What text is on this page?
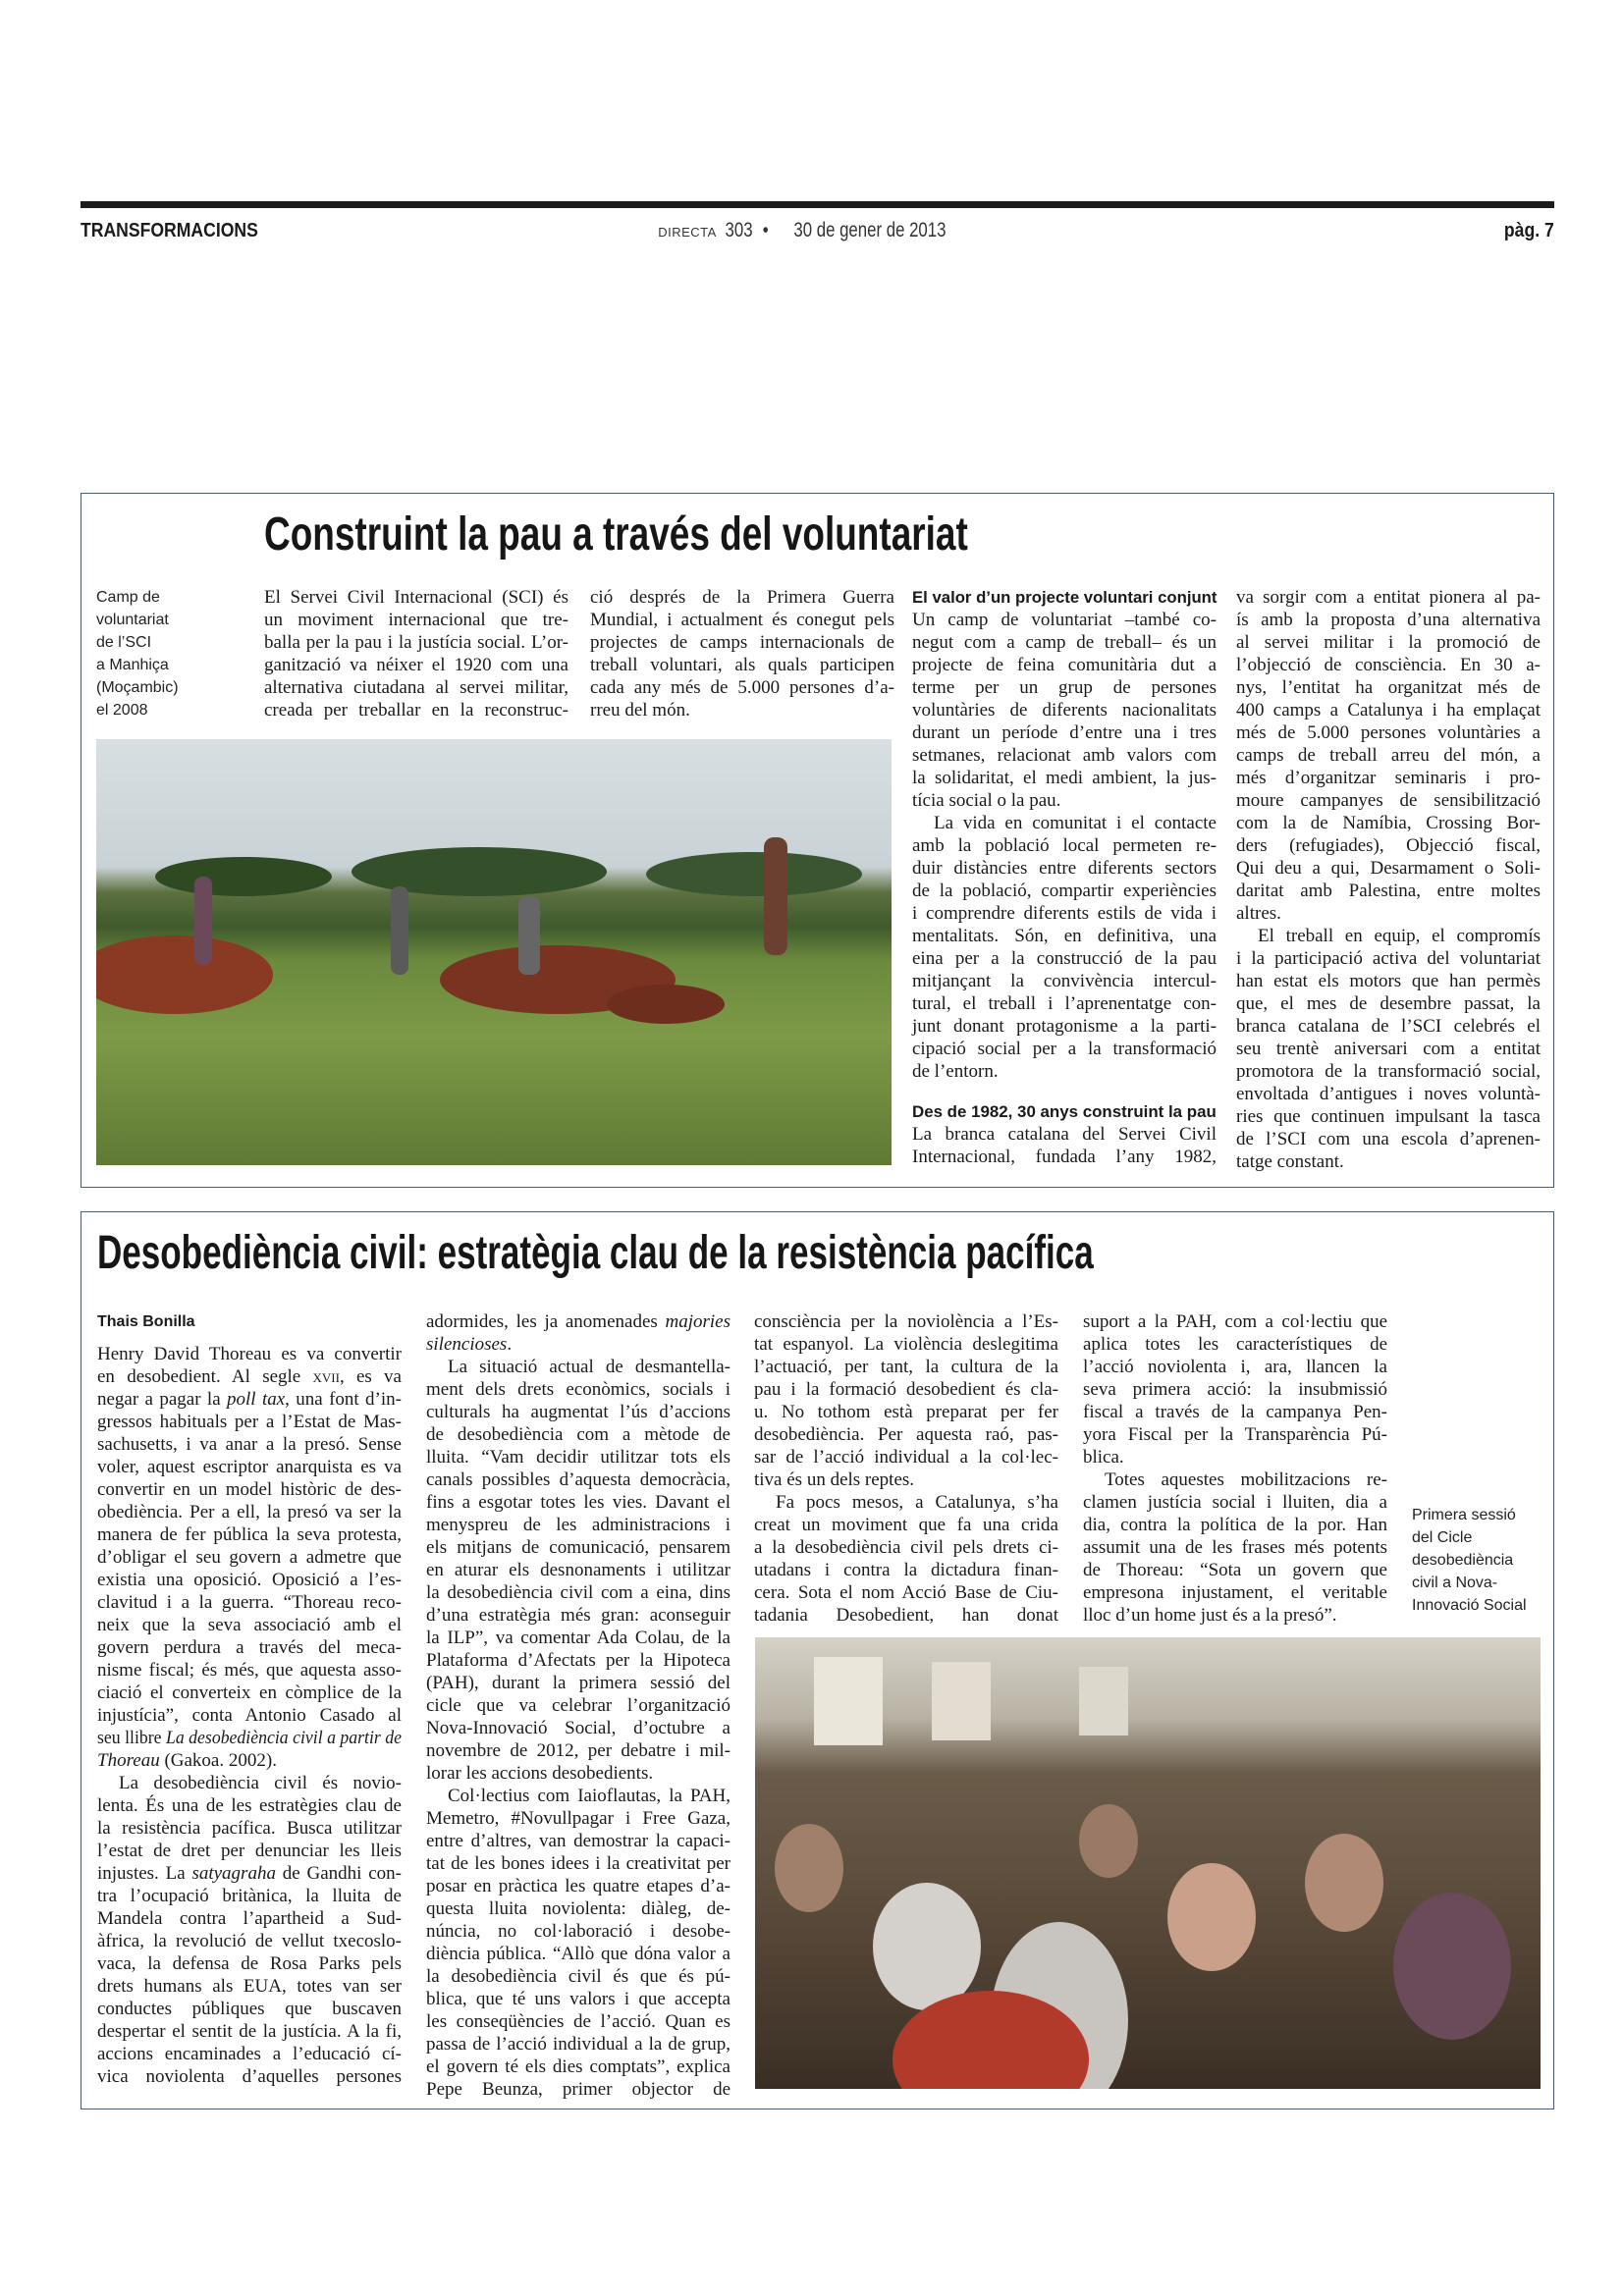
TRANSFORMACIONS	DIRECTA 303 • 30 de gener de 2013	pàg. 7
Construint la pau a través del voluntariat
Camp de
voluntariat
de l’SCI
a Manhiça
(Moçambic)
el 2008
El Servei Civil Internacional (SCI) és
un moviment internacional que tre-
balla per la pau i la justícia social. L’or-
ganització va néixer el 1920 com una
alternativa ciutadana al servei militar,
creada per treballar en la reconstruc-
ció després de la Primera Guerra
Mundial, i actualment és conegut pels
projectes de camps internacionals de
treball voluntari, als quals participen
cada any més de 5.000 persones d’a-
rreu del món.
El valor d’un projecte voluntari conjunt
Un camp de voluntariat –també co-
negut com a camp de treball– és un
projecte de feina comunitària dut a
terme per un grup de persones
voluntàries de diferents nacionalitats
durant un període d’entre una i tres
setmanes, relacionat amb valors com
la solidaritat, el medi ambient, la jus-
tícia social o la pau.
La vida en comunitat i el contacte
amb la població local permeten re-
duir distàncies entre diferents sectors
de la població, compartir experiències
i comprendre diferents estils de vida i
mentalitats. Són, en definitiva, una
eina per a la construcció de la pau
mitjançant la convivència intercul-
tural, el treball i l’aprenentatge con-
junt donant protagonisme a la parti-
cipació social per a la transformació
de l’entorn.
Des de 1982, 30 anys construint la pau
La branca catalana del Servei Civil
Internacional, fundada l’any 1982,
va sorgir com a entitat pionera al pa-
ís amb la proposta d’una alternativa
al servei militar i la promoció de
l’objecció de consciència. En 30 a-
nys, l’entitat ha organitzat més de
400 camps a Catalunya i ha emplaçat
més de 5.000 persones voluntàries a
camps de treball arreu del món, a
més d’organitzar seminaris i pro-
moure campanyes de sensibilització
com la de Namíbia, Crossing Bor-
ders (refugiades), Objecció fiscal,
Qui deu a qui, Desarmament o Soli-
daritat amb Palestina, entre moltes
altres.
El treball en equip, el compromís
i la participació activa del voluntariat
han estat els motors que han permès
que, el mes de desembre passat, la
branca catalana de l’SCI celebrés el
seu trentè aniversari com a entitat
promotora de la transformació social,
envoltada d’antigues i noves voluntà-
ries que continuen impulsant la tasca
de l’SCI com una escola d’aprenen-
tatge constant.
Desobediència civil: estratègia clau de la resistència pacífica
Thais Bonilla
Henry David Thoreau es va convertir
en desobedient. Al segle xvii, es va
negar a pagar la poll tax, una font d’in-
gressos habituals per a l’Estat de Mas-
sachusetts, i va anar a la presó. Sense
voler, aquest escriptor anarquista es va
convertir en un model històric de des-
obediència. Per a ell, la presó va ser la
manera de fer pública la seva protesta,
d’obligar el seu govern a admetre que
existia una oposició. Oposició a l’es-
clavitud i a la guerra. “Thoreau reco-
neix que la seva associació amb el
govern perdura a través del meca-
nisme fiscal; és més, que aquesta asso-
ciació el converteix en còmplice de la
injustícia”, conta Antonio Casado al
seu llibre La desobediència civil a partir de
Thoreau (Gakoa. 2002).
La desobediència civil és novio-
lenta. És una de les estratègies clau de
la resistència pacífica. Busca utilitzar
l’estat de dret per denunciar les lleis
injustes. La satyagraha de Gandhi con-
tra l’ocupació britànica, la lluita de
Mandela contra l’apartheid a Sud-
àfrica, la revolució de vellut txecoslo-
vaca, la defensa de Rosa Parks pels
drets humans als EUA, totes van ser
conductes públiques que buscaven
despertar el sentit de la justícia. A la fi,
accions encaminades a l’educació cí-
vica noviolenta d’aquelles persones
adormides, les ja anomenades majories
silencioses.
La situació actual de desmantella-
ment dels drets econòmics, socials i
culturals ha augmentat l’ús d’accions
de desobediència com a mètode de
lluita. “Vam decidir utilitzar tots els
canals possibles d’aquesta democràcia,
fins a esgotar totes les vies. Davant el
menyspreu de les administracions i
els mitjans de comunicació, pensarem
en aturar els desnonaments i utilitzar
la desobediència civil com a eina, dins
d’una estratègia més gran: aconseguir
la ILP”, va comentar Ada Colau, de la
Plataforma d’Afectats per la Hipoteca
(PAH), durant la primera sessió del
cicle que va celebrar l’organització
Nova-Innovació Social, d’octubre a
novembre de 2012, per debatre i mil-
lorar les accions desobedients.
Col·lectius com Iaioflautas, la PAH,
Memetro, #Novullpagar i Free Gaza,
entre d’altres, van demostrar la capaci-
tat de les bones idees i la creativitat per
posar en pràctica les quatre etapes d’a-
questa lluita noviolenta: diàleg, de-
núncia, no col·laboració i desobe-
diència pública. “Allò que dóna valor a
la desobediència civil és que és pú-
blica, que té uns valors i que accepta
les conseqüències de l’acció. Quan es
passa de l’acció individual a la de grup,
el govern té els dies comptats”, explica
Pepe Beunza, primer objector de
consciència per la noviolència a l’Es-
tat espanyol. La violència deslegitima
l’actuació, per tant, la cultura de la
pau i la formació desobedient és cla-
u. No tothom està preparat per fer
desobediència. Per aquesta raó, pas-
sar de l’acció individual a la col·lec-
tiva és un dels reptes.
Fa pocs mesos, a Catalunya, s’ha
creat un moviment que fa una crida
a la desobediència civil pels drets ci-
utadans i contra la dictadura finan-
cera. Sota el nom Acció Base de Ciu-
tadania Desobedient, han donat
suport a la PAH, com a col·lectiu que
aplica totes les característiques de
l’acció noviolenta i, ara, llancen la
seva primera acció: la insubmissió
fiscal a través de la campanya Pen-
yora Fiscal per la Transparència Pú-
blica.
Totes aquestes mobilitzacions re-
clamen justícia social i lluiten, dia a
dia, contra la política de la por. Han
assumit una de les frases més potents
de Thoreau: “Sota un govern que
empresona injustament, el veritable
lloc d’un home just és a la presó”.
Primera sessió
del Cicle
desobediència
civil a Nova-
Innovació Social
